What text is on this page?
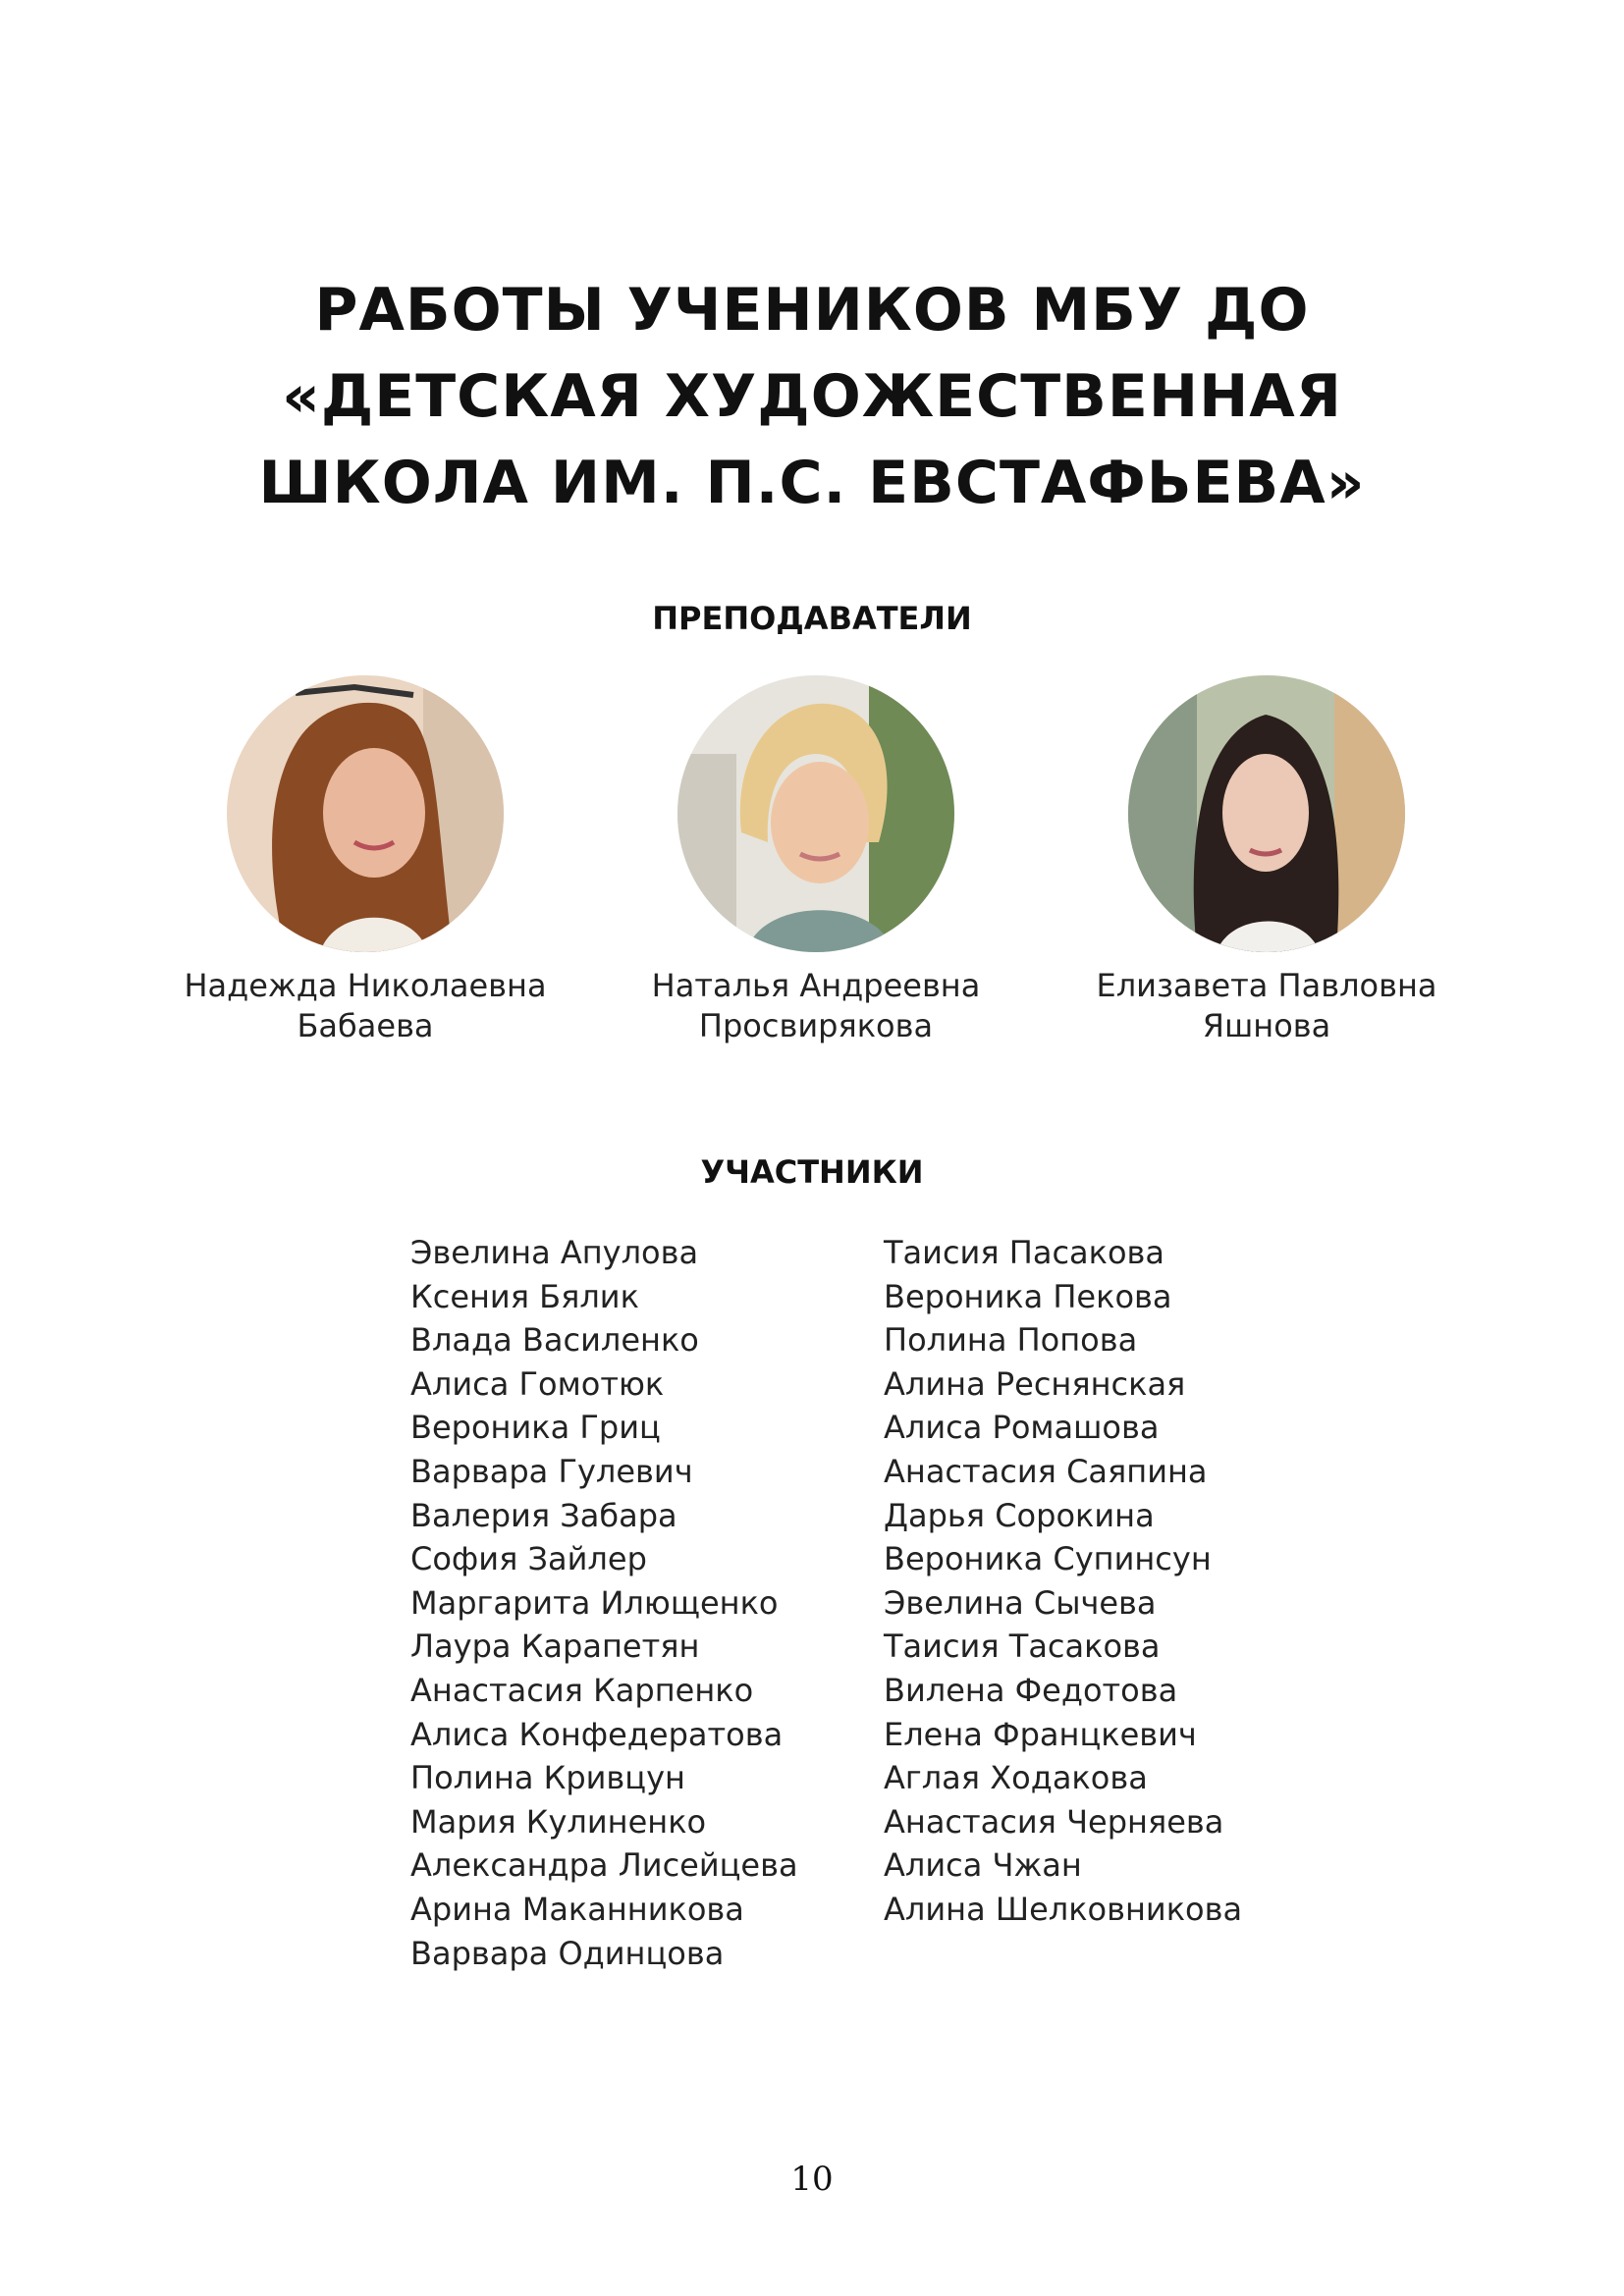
РАБОТЫ УЧЕНИКОВ МБУ ДО
«ДЕТСКАЯ ХУДОЖЕСТВЕННАЯ
ШКОЛА ИМ. П.С. ЕВСТАФЬЕВА»
ПРЕПОДАВАТЕЛИ
Надежда Николаевна
Бабаева
Наталья Андреевна
Просвирякова
Елизавета Павловна
Яшнова
УЧАСТНИКИ
Эвелина Апулова
Ксения Бялик
Влада Василенко
Алиса Гомотюк
Вероника Гриц
Варвара Гулевич
Валерия Забара
София Зайлер
Маргарита Илющенко
Лаура Карапетян
Анастасия Карпенко
Алиса Конфедератова
Полина Кривцун
Мария Кулиненко
Александра Лисейцева
Арина Маканникова
Варвара Одинцова
Таисия Пасакова
Вероника Пекова
Полина Попова
Алина Реснянская
Алиса Ромашова
Анастасия Саяпина
Дарья Сорокина
Вероника Супинсун
Эвелина Сычева
Таисия Тасакова
Вилена Федотова
Елена Францкевич
Аглая Ходакова
Анастасия Черняева
Алиса Чжан
Алина Шелковникова
10
